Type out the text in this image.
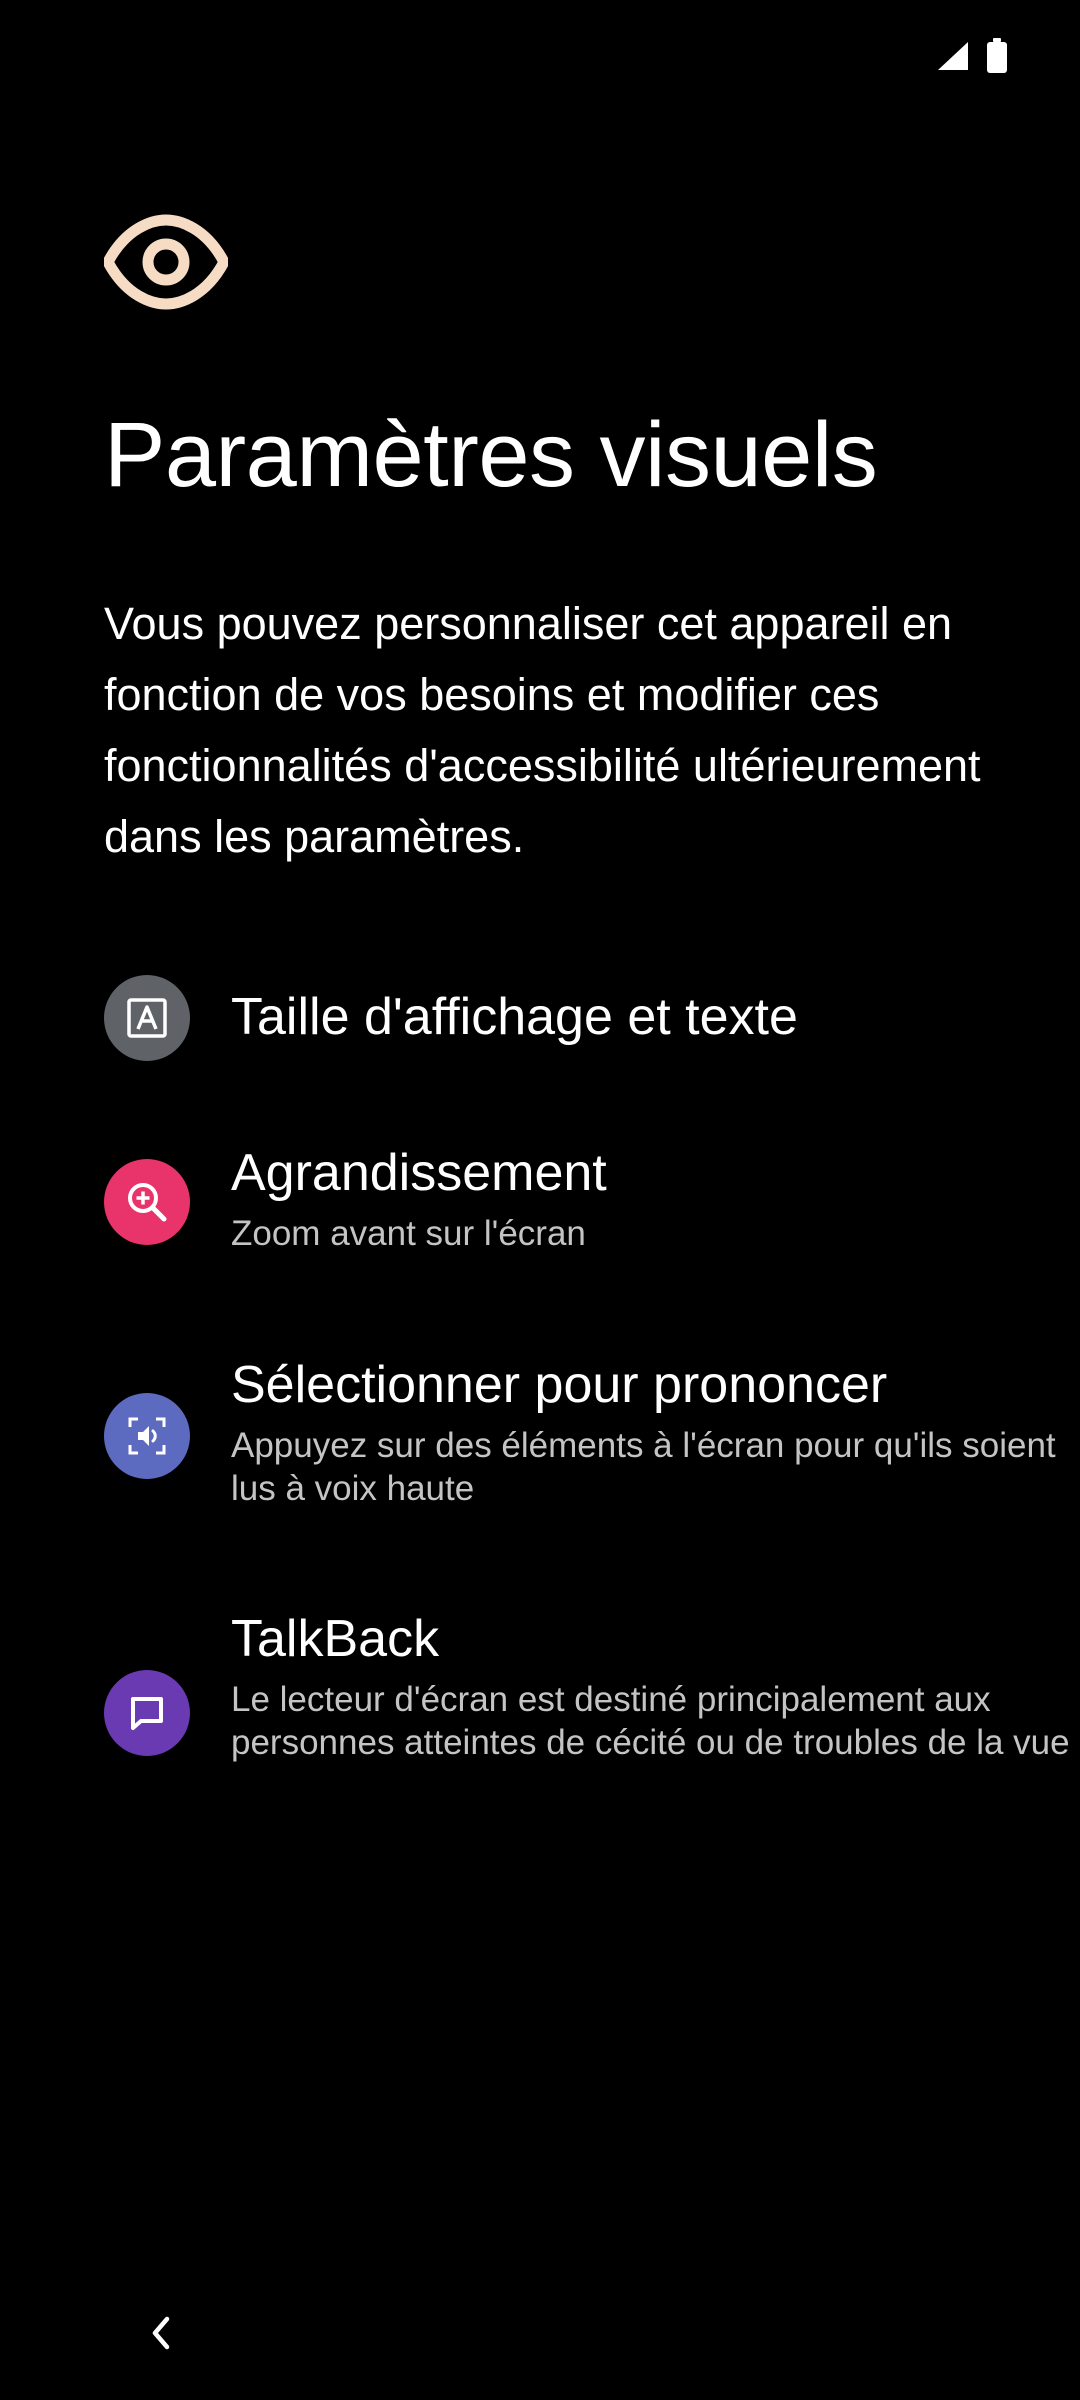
Paramètres visuels

Vous pouvez personnaliser cet appareil en fonction de vos besoins et modifier ces fonctionnalités d'accessibilité ultérieurement dans les paramètres.

Taille d'affichage et texte
Agrandissement
Zoom avant sur l'écran
Sélectionner pour prononcer
Appuyez sur des éléments à l'écran pour qu'ils soient lus à voix haute
TalkBack
Le lecteur d'écran est destiné principalement aux personnes atteintes de cécité ou de troubles de la vue
